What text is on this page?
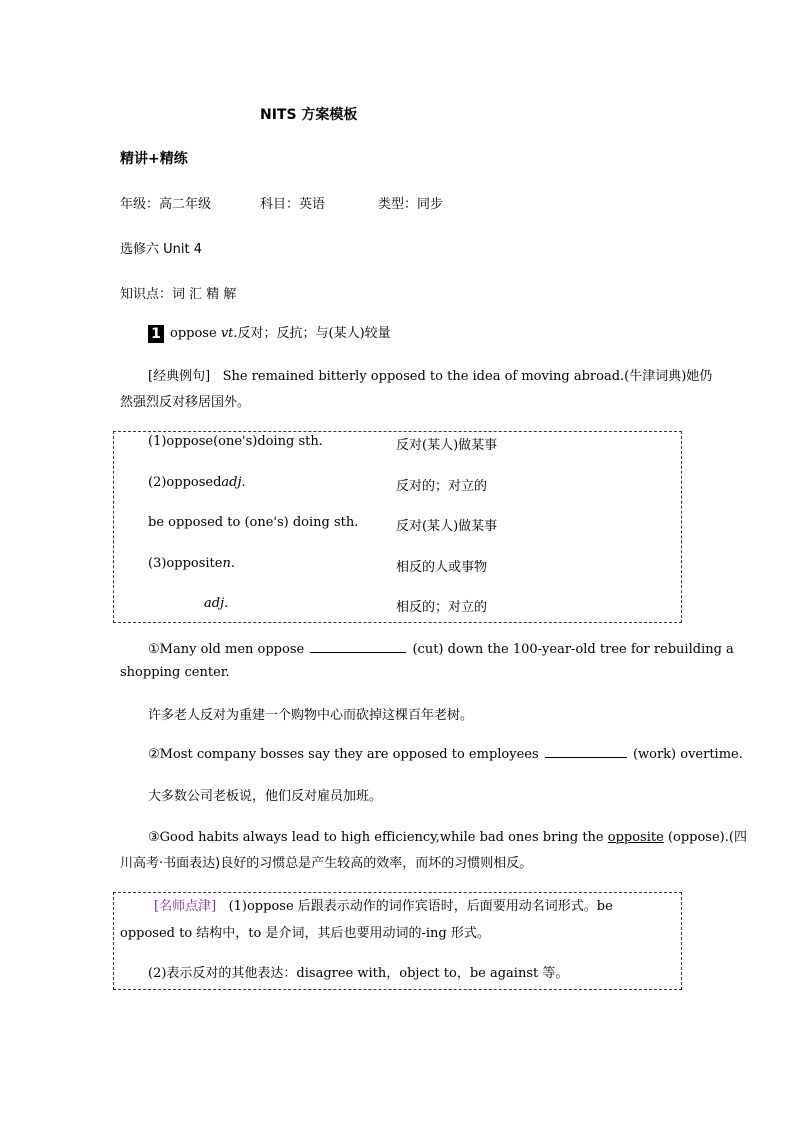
NITS 方案模板
精讲+精练
年级：高二年级	科目：英语	类型：同步
选修六 Unit 4
知识点：词 汇 精 解
1 oppose vt.反对；反抗；与(某人)较量
[经典例句] She remained bitterly opposed to the idea of moving abroad.(牛津词典)她仍
然强烈反对移居国外。
(1)oppose(one's)doing sth.	反对(某人)做某事
(2)opposedadj.	反对的；对立的
be opposed to (one's) doing sth.	反对(某人)做某事
(3)oppositen.	相反的人或事物
adj.	相反的；对立的
①Many old men oppose	(cut) down the 100-year-old tree for rebuilding a
shopping center.
许多老人反对为重建一个购物中心而砍掉这棵百年老树。
②Most company bosses say they are opposed to employees	(work) overtime.
大多数公司老板说，他们反对雇员加班。
③Good habits always lead to high efficiency,while bad ones bring the opposite (oppose).(四
川高考·书面表达)良好的习惯总是产生较高的效率，而坏的习惯则相反。
[名师点津] (1)oppose 后跟表示动作的词作宾语时，后面要用动名词形式。be
opposed to 结构中，to 是介词，其后也要用动词的-ing 形式。
(2)表示反对的其他表达：disagree with，object to，be against 等。
